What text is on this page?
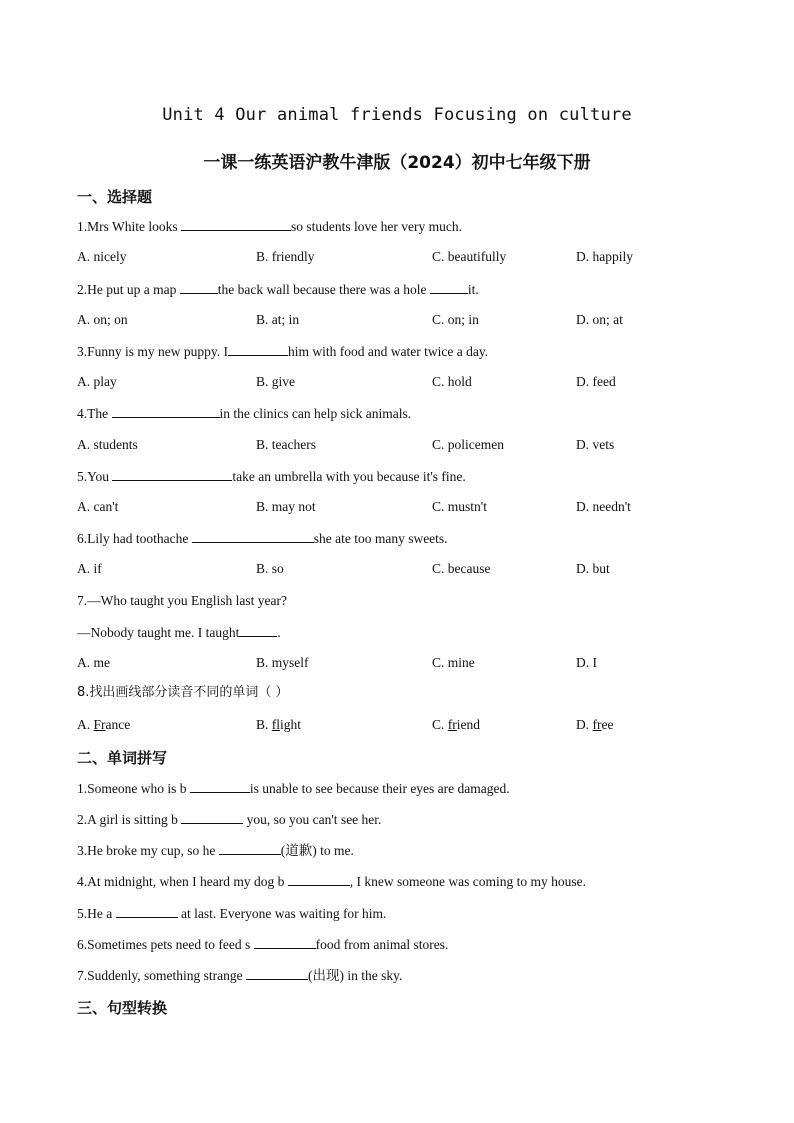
Unit 4 Our animal friends Focusing on culture
一课一练英语沪教牛津版（2024）初中七年级下册
一、选择题
1.Mrs White looks	so students love her very much.
A. nicely	B. friendly	C. beautifully	D. happily
2.He put up a map	the back wall because there was a hole	it.
A. on; on	B. at; in	C. on; in	D. on; at
3.Funny is my new puppy. I	him with food and water twice a day.
A. play	B. give	C. hold	D. feed
4.The	in the clinics can help sick animals.
A. students	B. teachers	C. policemen	D. vets
5.You	take an umbrella with you because it's fine.
A. can't	B. may not	C. mustn't	D. needn't
6.Lily had toothache	she ate too many sweets.
A. if	B. so	C. because	D. but
7.—Who taught you English last year?
—Nobody taught me. I taught	.
A. me	B. myself	C. mine	D. I
8.找出画线部分读音不同的单词（ ）
A. France	B. flight	C. friend	D. free
二、单词拼写
1.Someone who is b	is unable to see because their eyes are damaged.
2.A girl is sitting b	you, so you can't see her.
3.He broke my cup, so he	(道歉) to me.
4.At midnight, when I heard my dog b	, I knew someone was coming to my house.
5.He a	at last. Everyone was waiting for him.
6.Sometimes pets need to feed s	food from animal stores.
7.Suddenly, something strange	(出现) in the sky.
三、句型转换
